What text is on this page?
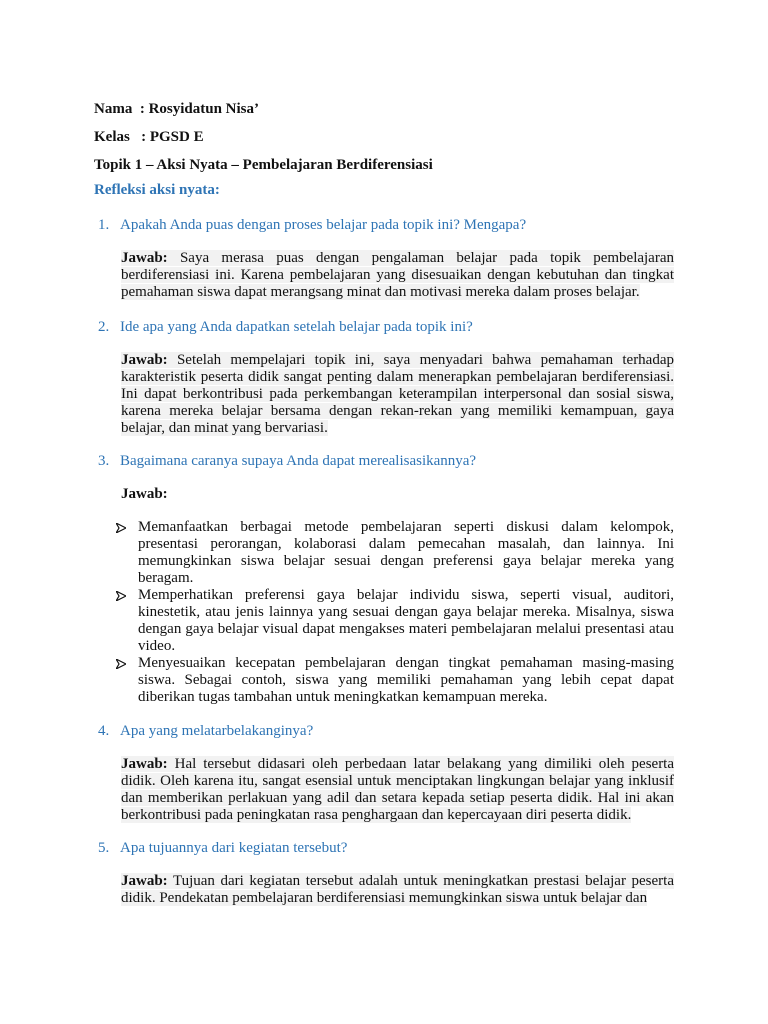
Nama  : Rosyidatun Nisa’
Kelas   : PGSD E
Topik 1 – Aksi Nyata – Pembelajaran Berdiferensiasi
Refleksi aksi nyata:
1. Apakah Anda puas dengan proses belajar pada topik ini? Mengapa?
Jawab: Saya merasa puas dengan pengalaman belajar pada topik pembelajaran berdiferensiasi ini. Karena pembelajaran yang disesuaikan dengan kebutuhan dan tingkat pemahaman siswa dapat merangsang minat dan motivasi mereka dalam proses belajar.
2. Ide apa yang Anda dapatkan setelah belajar pada topik ini?
Jawab: Setelah mempelajari topik ini, saya menyadari bahwa pemahaman terhadap karakteristik peserta didik sangat penting dalam menerapkan pembelajaran berdiferensiasi. Ini dapat berkontribusi pada perkembangan keterampilan interpersonal dan sosial siswa, karena mereka belajar bersama dengan rekan-rekan yang memiliki kemampuan, gaya belajar, dan minat yang bervariasi.
3. Bagaimana caranya supaya Anda dapat merealisasikannya?
Jawab:
Memanfaatkan berbagai metode pembelajaran seperti diskusi dalam kelompok, presentasi perorangan, kolaborasi dalam pemecahan masalah, dan lainnya. Ini memungkinkan siswa belajar sesuai dengan preferensi gaya belajar mereka yang beragam.
Memperhatikan preferensi gaya belajar individu siswa, seperti visual, auditori, kinestetik, atau jenis lainnya yang sesuai dengan gaya belajar mereka. Misalnya, siswa dengan gaya belajar visual dapat mengakses materi pembelajaran melalui presentasi atau video.
Menyesuaikan kecepatan pembelajaran dengan tingkat pemahaman masing-masing siswa. Sebagai contoh, siswa yang memiliki pemahaman yang lebih cepat dapat diberikan tugas tambahan untuk meningkatkan kemampuan mereka.
4. Apa yang melatarbelakanginya?
Jawab: Hal tersebut didasari oleh perbedaan latar belakang yang dimiliki oleh peserta didik. Oleh karena itu, sangat esensial untuk menciptakan lingkungan belajar yang inklusif dan memberikan perlakuan yang adil dan setara kepada setiap peserta didik. Hal ini akan berkontribusi pada peningkatan rasa penghargaan dan kepercayaan diri peserta didik.
5. Apa tujuannya dari kegiatan tersebut?
Jawab: Tujuan dari kegiatan tersebut adalah untuk meningkatkan prestasi belajar peserta didik. Pendekatan pembelajaran berdiferensiasi memungkinkan siswa untuk belajar dan
